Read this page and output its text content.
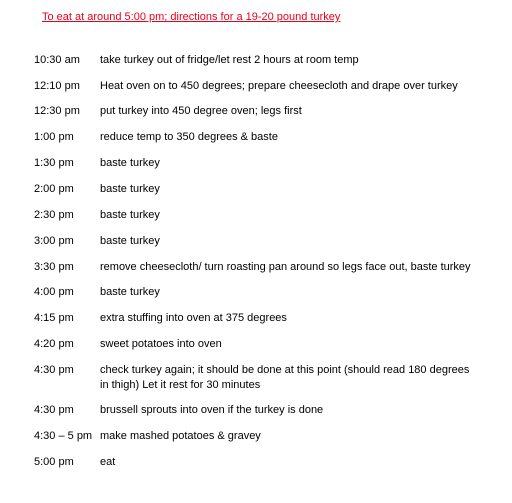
To eat at around 5:00 pm; directions for a 19-20 pound turkey
10:30 am	take turkey out of fridge/let rest 2 hours at room temp
12:10 pm	Heat oven on to 450 degrees; prepare cheesecloth and drape over turkey
12:30 pm	put turkey into 450 degree oven; legs first
1:00 pm	reduce temp to 350 degrees & baste
1:30 pm	baste turkey
2:00 pm	baste turkey
2:30 pm	baste turkey
3:00 pm	baste turkey
3:30 pm	remove cheesecloth/ turn roasting pan around so legs face out, baste turkey
4:00 pm	baste turkey
4:15 pm	extra stuffing into oven at 375 degrees
4:20 pm	sweet potatoes into oven
4:30 pm	check turkey again; it should be done at this point (should read 180 degrees in thigh) Let it rest for 30 minutes
4:30 pm	brussell sprouts into oven if the turkey is done
4:30 – 5 pm make mashed potatoes & gravey
5:00 pm	eat
